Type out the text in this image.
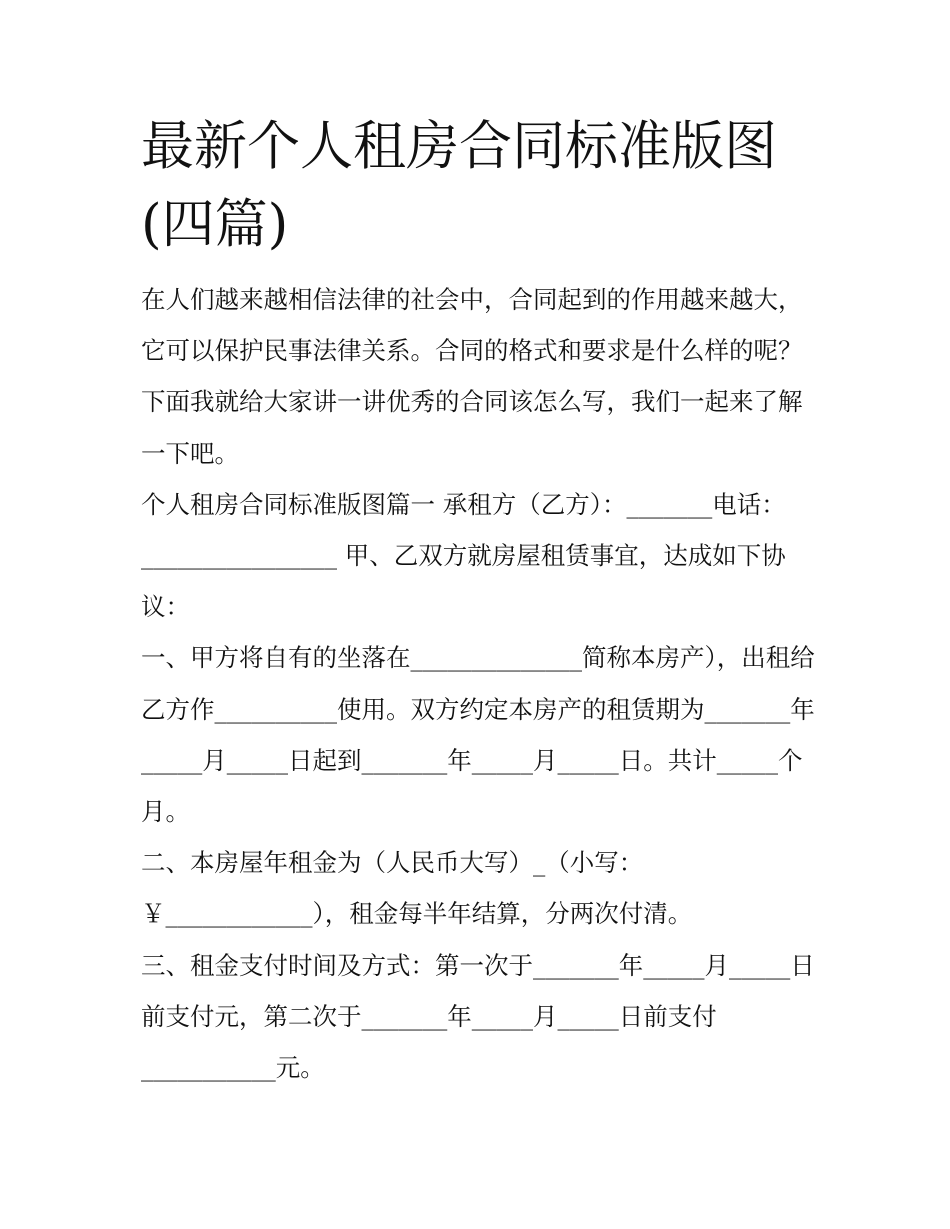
最新个人租房合同标准版图(四篇)

在人们越来越相信法律的社会中，合同起到的作用越来越大，它可以保护民事法律关系。合同的格式和要求是什么样的呢？下面我就给大家讲一讲优秀的合同该怎么写，我们一起来了解一下吧。

个人租房合同标准版图篇一 承租方（乙方）：_______电话：________________ 甲、乙双方就房屋租赁事宜，达成如下协议：

一、甲方将自有的坐落在______________简称本房产），出租给乙方作__________使用。双方约定本房产的租赁期为_______年_____月_____日起到_______年_____月_____日。共计_____个月。

二、本房屋年租金为（人民币大写）_（小写：￥____________），租金每半年结算，分两次付清。

三、租金支付时间及方式：第一次于_______年_____月_____日前支付元，第二次于_______年_____月_____日前支付___________元。
